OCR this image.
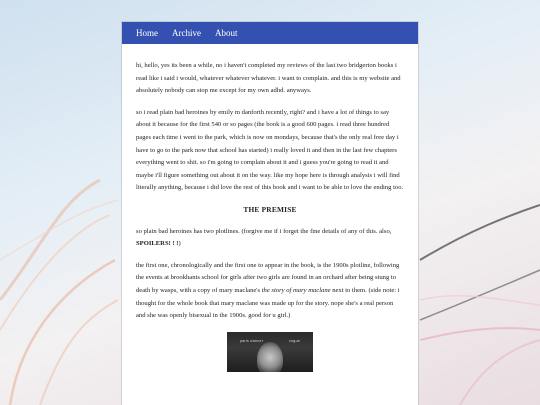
Home Archive About

hi, hello, yes its been a while, no i haven't completed my reviews of the last two bridgerton books i read like i said i would, whatever whatever whatever. i want to complain. and this is my website and absolutely nobody can stop me except for my own adhd. anyways.

so i read plain bad heroines by emily m danforth recently, right? and i have a lot of things to say about it because for the first 540 or so pages (the book is a good 600 pages. i read three hundred pages each time i went to the park, which is now on mondays, because that's the only real free day i have to go to the park now that school has started) i really loved it and then in the last few chapters everything went to shit. so i'm going to complain about it and i guess you're going to read it and maybe i'll figure something out about it on the way. like my hope here is through analysis i will find literally anything, because i did love the rest of this book and i want to be able to love the ending too.

THE PREMISE

so plain bad heroines has two plotlines. (forgive me if i forget the fine details of any of this. also, SPOILERS! ! !)

the first one, chronologically and the first one to appear in the book, is the 1900s plotline, following the events at brookhants school for girls after two girls are found in an orchard after being stung to death by wasps, with a copy of mary maclane's the story of mary maclane next to them. (side note: i thought for the whole book that mary maclane was made up for the story. nope she's a real person and she was openly bisexual in the 1900s. good for u girl.)

paris dancer	vogue
